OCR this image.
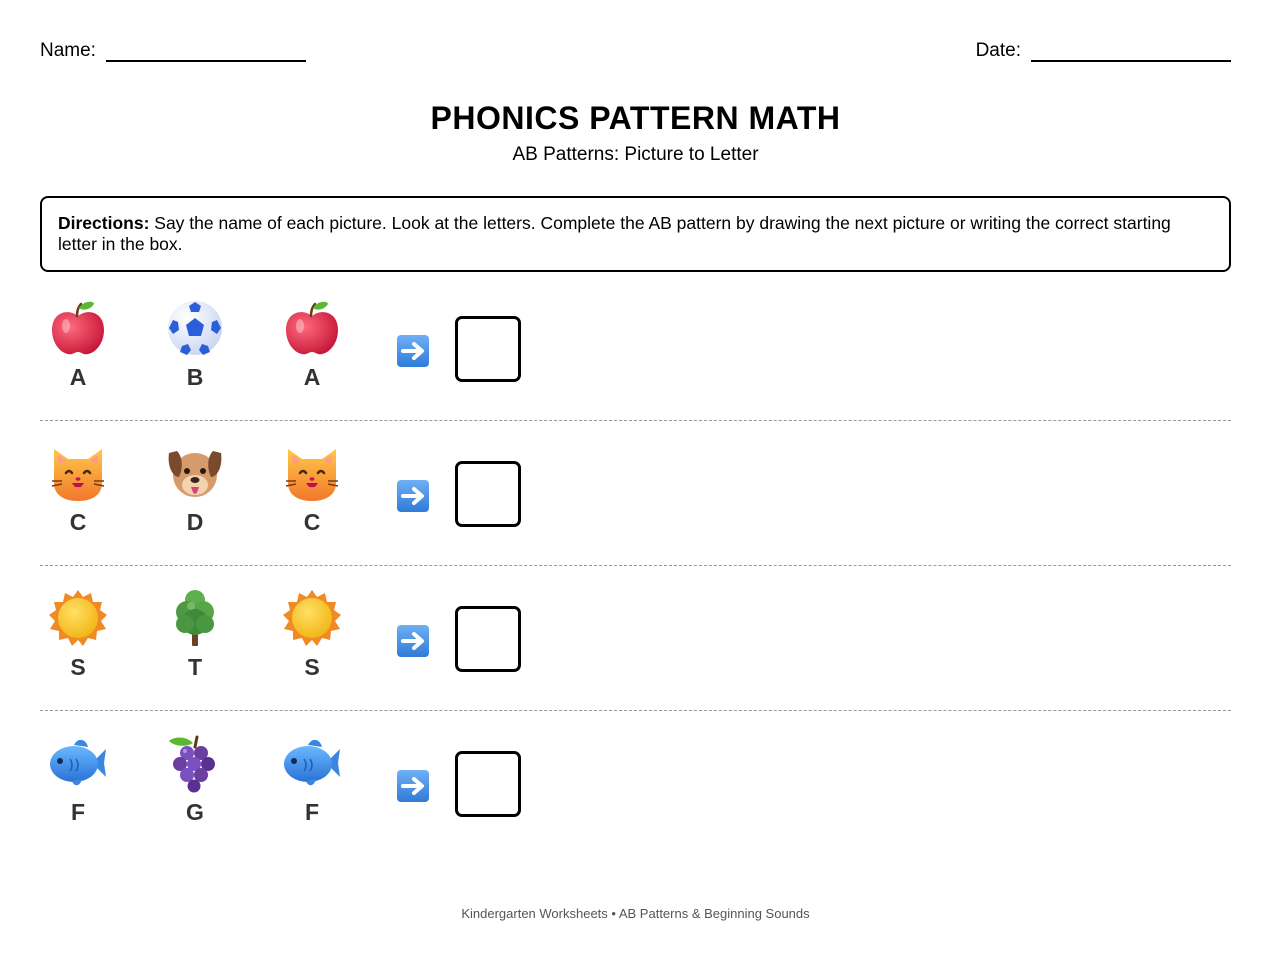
Name:	Date:
PHONICS PATTERN MATH
AB Patterns: Picture to Letter
Directions: Say the name of each picture. Look at the letters. Complete the AB pattern by drawing the next picture or writing the correct starting letter in the box.
A	B	A
C	D	C
S	T	S
F	G	F
Kindergarten Worksheets • AB Patterns & Beginning Sounds
